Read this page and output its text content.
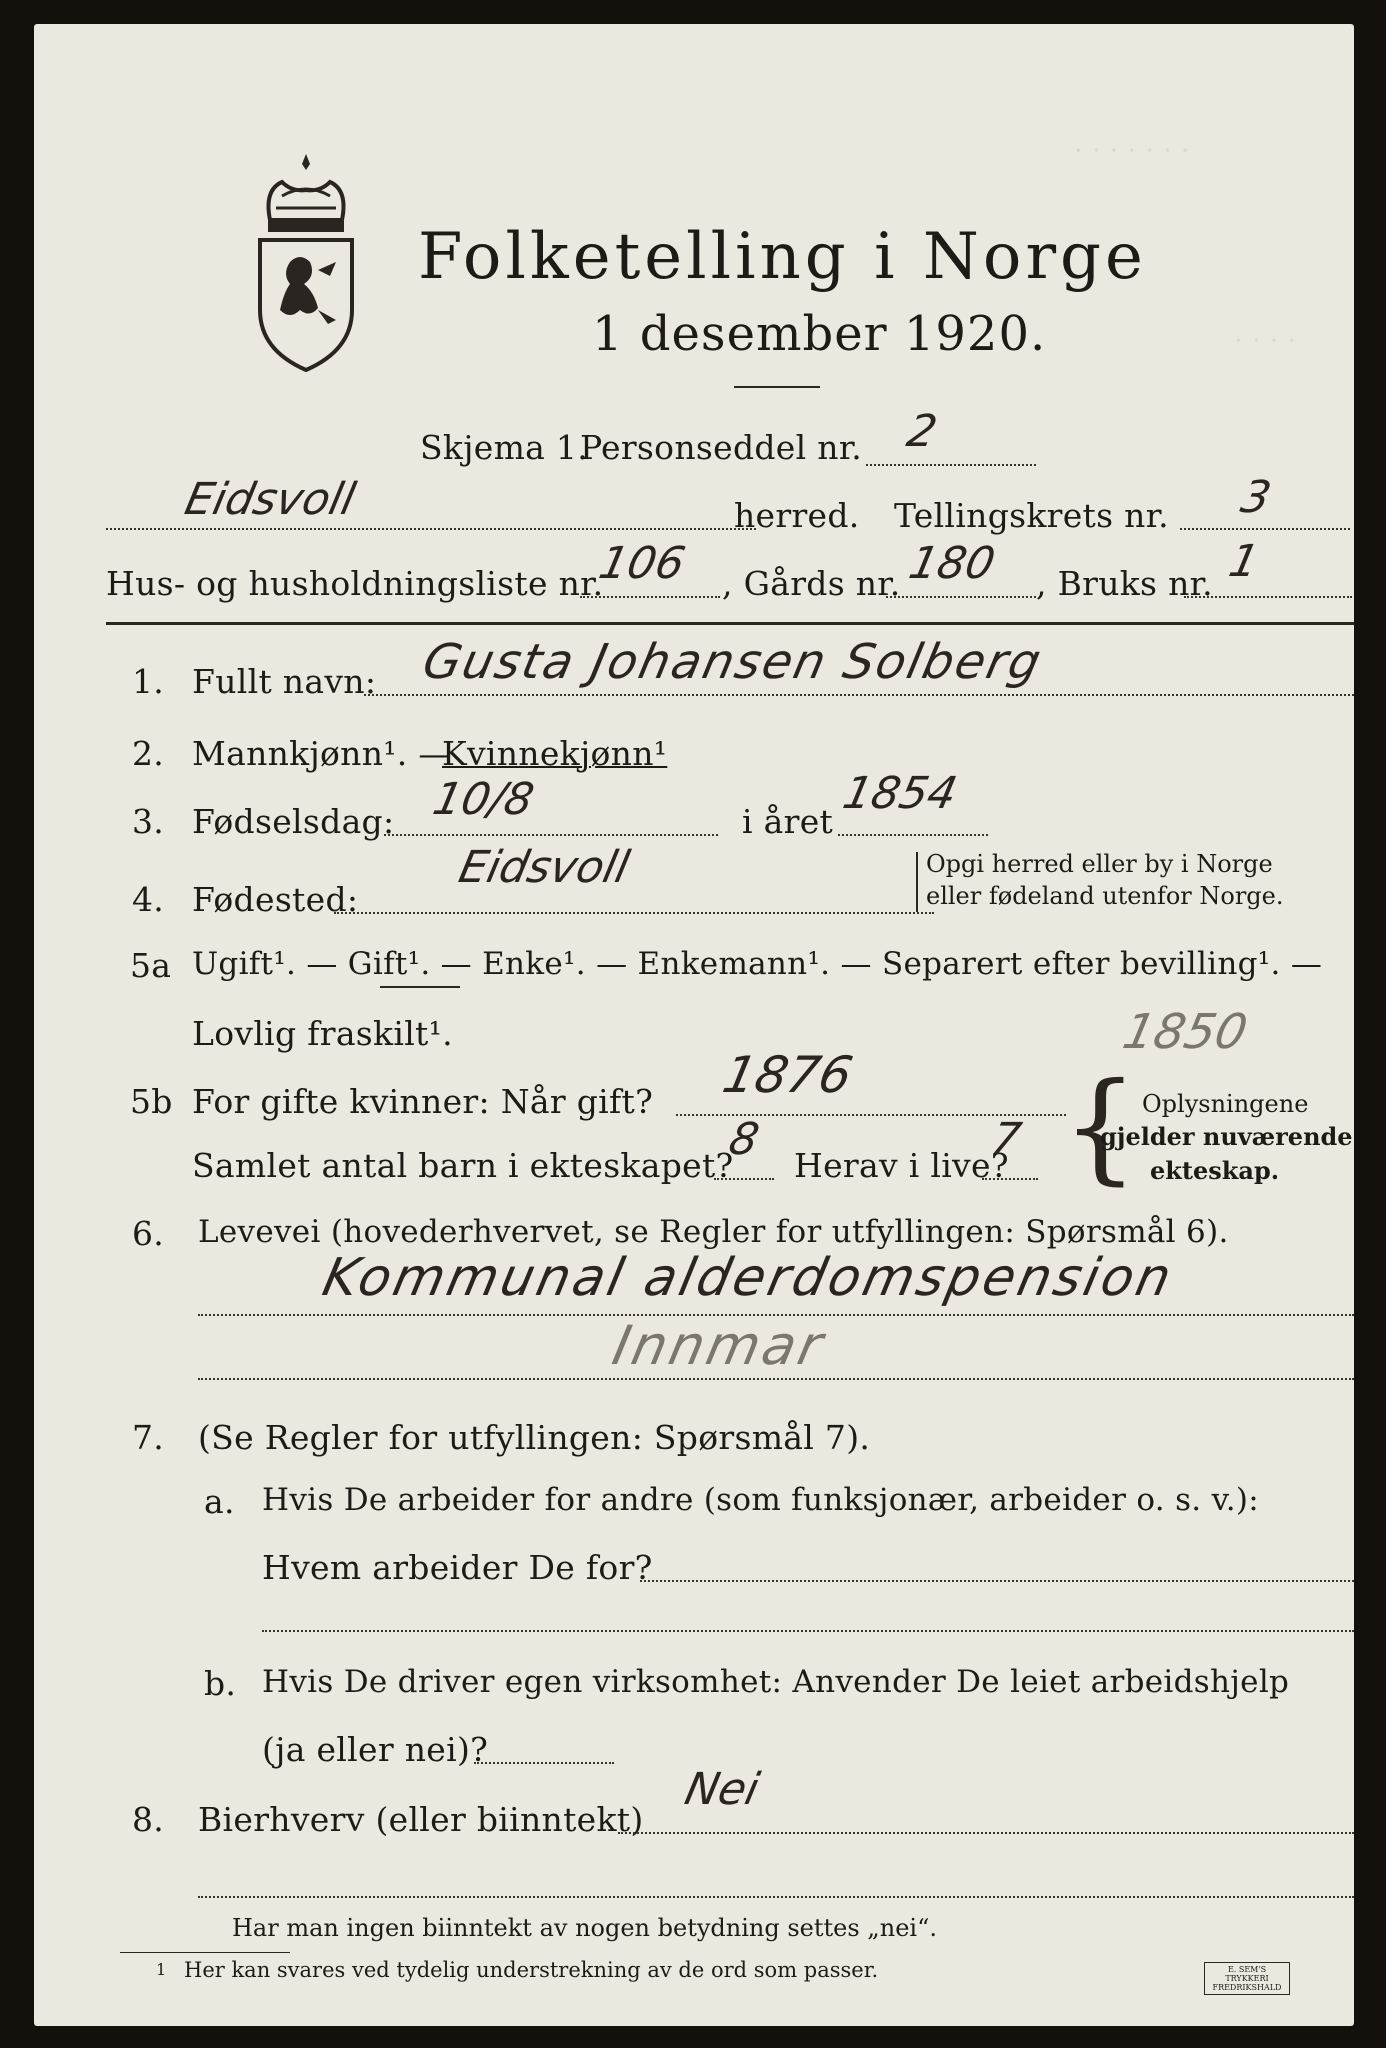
· · · · · · ·
· · · ·
Folketelling i Norge
1 desember 1920.
Skjema 1.
Personseddel nr. 2
Eidsvoll	herred. Tellingskrets nr. 3
Hus- og husholdningsliste nr.
106 , Gårds nr. 180 , Bruks nr. 1
1. Fullt navn: Gusta Johansen Solberg
2. Mannkjønn¹. —
Kvinnekjønn¹
3. Fødselsdag: 10/8	i året
1854
4. Fødested:
Eidsvoll	Opgi herred eller by i Norge
eller fødeland utenfor Norge.
5a Ugift¹. — Gift¹. — Enke¹. — Enkemann¹. — Separert efter bevilling¹. —
Lovlig fraskilt¹.	1850
5b For gifte kvinner: Når gift? 1876
Samlet antal barn i ekteskapet?
8
Herav i live?
7 { Oplysningene
gjelder nuværende
ekteskap.
6. Levevei (hovederhvervet, se Regler for utfyllingen: Spørsmål 6).
Kommunal alderdomspension
Innmar
7. (Se Regler for utfyllingen: Spørsmål 7).
a. Hvis De arbeider for andre (som funksjonær, arbeider o. s. v.):
Hvem arbeider De for?
b. Hvis De driver egen virksomhet: Anvender De leiet arbeidshjelp
(ja eller nei)?
8. Bierhverv (eller biinntekt)
Nei
Har man ingen biinntekt av nogen betydning settes „nei“.
1 Her kan svares ved tydelig understrekning av de ord som passer.	E. SEM'S TRYKKERI FREDRIKSHALD
